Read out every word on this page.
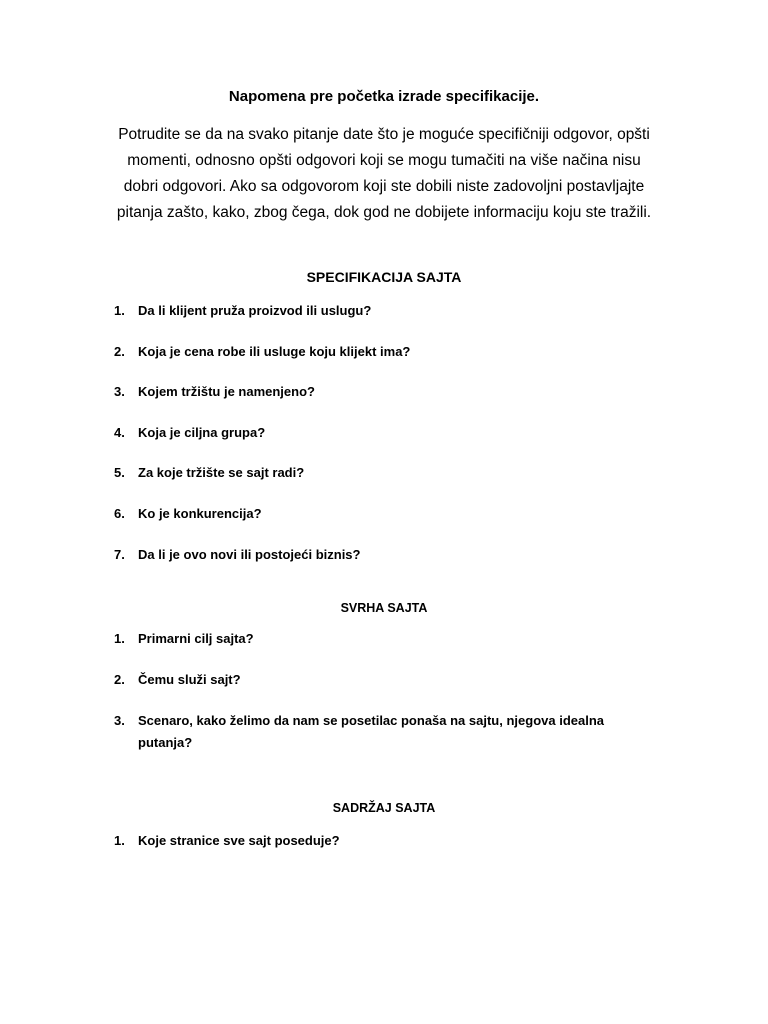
Napomena pre početka izrade specifikacije.
Potrudite se da na svako pitanje date što je moguće specifičniji odgovor, opšti
momenti, odnosno opšti odgovori koji se mogu tumačiti na više načina nisu
dobri odgovori. Ako sa odgovorom koji ste dobili niste zadovoljni postavljajte
pitanja zašto, kako, zbog čega, dok god ne dobijete informaciju koju ste tražili.
SPECIFIKACIJA SAJTA
1.	Da li klijent pruža proizvod ili uslugu?
2.	Koja je cena robe ili usluge koju klijekt ima?
3.	Kojem tržištu je namenjeno?
4.	Koja je ciljna grupa?
5.	Za koje tržište se sajt radi?
6.	Ko je konkurencija?
7.	Da li je ovo novi ili postojeći biznis?
SVRHA SAJTA
1.	Primarni cilj sajta?
2.	Čemu služi sajt?
3.	Scenaro, kako želimo da nam se posetilac ponaša na sajtu, njegova idealna
putanja?
SADRŽAJ SAJTA
1.	Koje stranice sve sajt poseduje?
